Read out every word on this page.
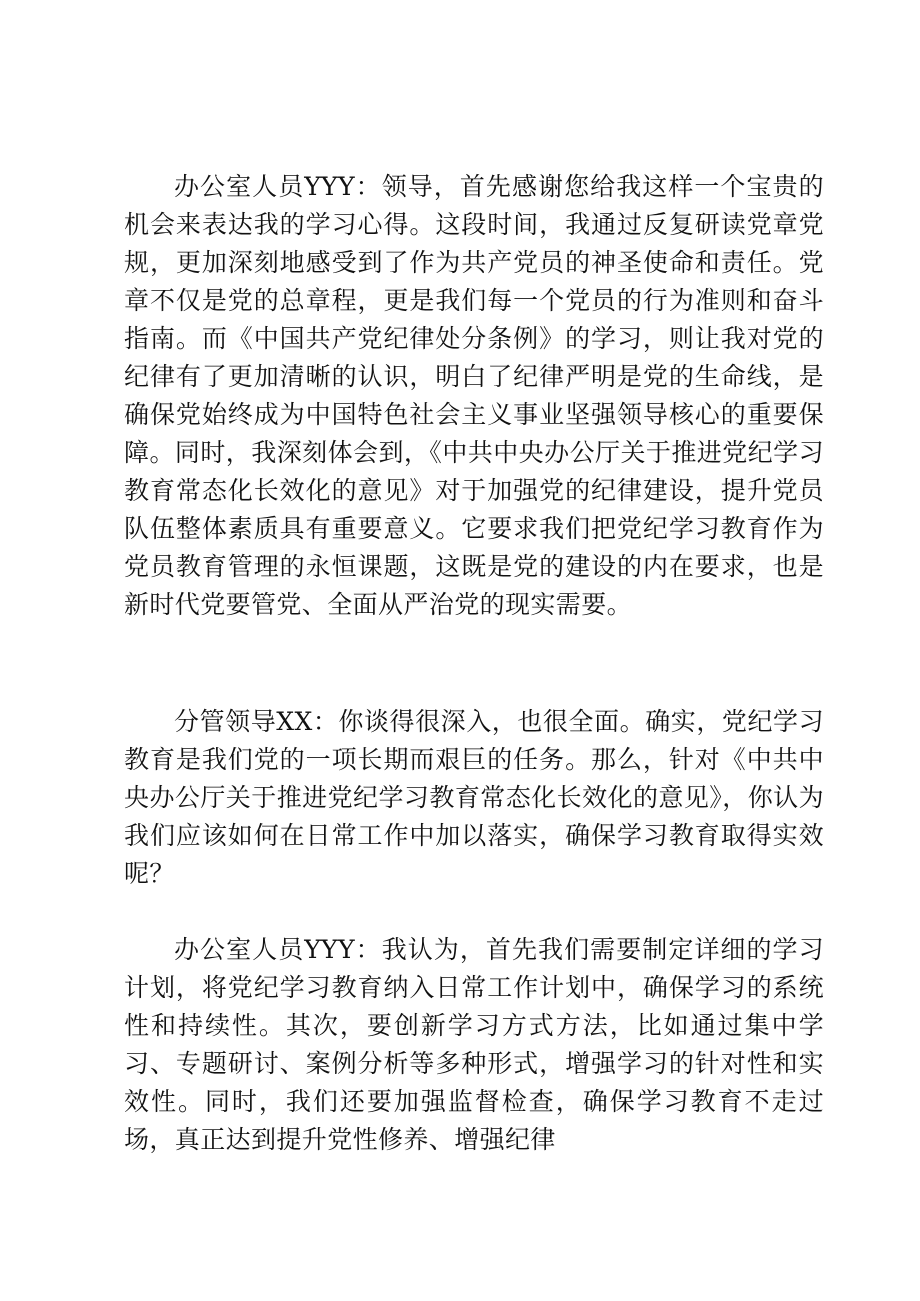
办公室人员YYY：领导，首先感谢您给我这样一个宝贵的机会来表达我的学习心得。这段时间，我通过反复研读党章党规，更加深刻地感受到了作为共产党员的神圣使命和责任。党章不仅是党的总章程，更是我们每一个党员的行为准则和奋斗指南。而《中国共产党纪律处分条例》的学习，则让我对党的纪律有了更加清晰的认识，明白了纪律严明是党的生命线，是确保党始终成为中国特色社会主义事业坚强领导核心的重要保障。同时，我深刻体会到，《中共中央办公厅关于推进党纪学习教育常态化长效化的意见》对于加强党的纪律建设，提升党员队伍整体素质具有重要意义。它要求我们把党纪学习教育作为党员教育管理的永恒课题，这既是党的建设的内在要求，也是新时代党要管党、全面从严治党的现实需要。

分管领导XX：你谈得很深入，也很全面。确实，党纪学习教育是我们党的一项长期而艰巨的任务。那么，针对《中共中央办公厅关于推进党纪学习教育常态化长效化的意见》，你认为我们应该如何在日常工作中加以落实，确保学习教育取得实效呢？

办公室人员YYY：我认为，首先我们需要制定详细的学习计划，将党纪学习教育纳入日常工作计划中，确保学习的系统性和持续性。其次，要创新学习方式方法，比如通过集中学习、专题研讨、案例分析等多种形式，增强学习的针对性和实效性。同时，我们还要加强监督检查，确保学习教育不走过场，真正达到提升党性修养、增强纪律
